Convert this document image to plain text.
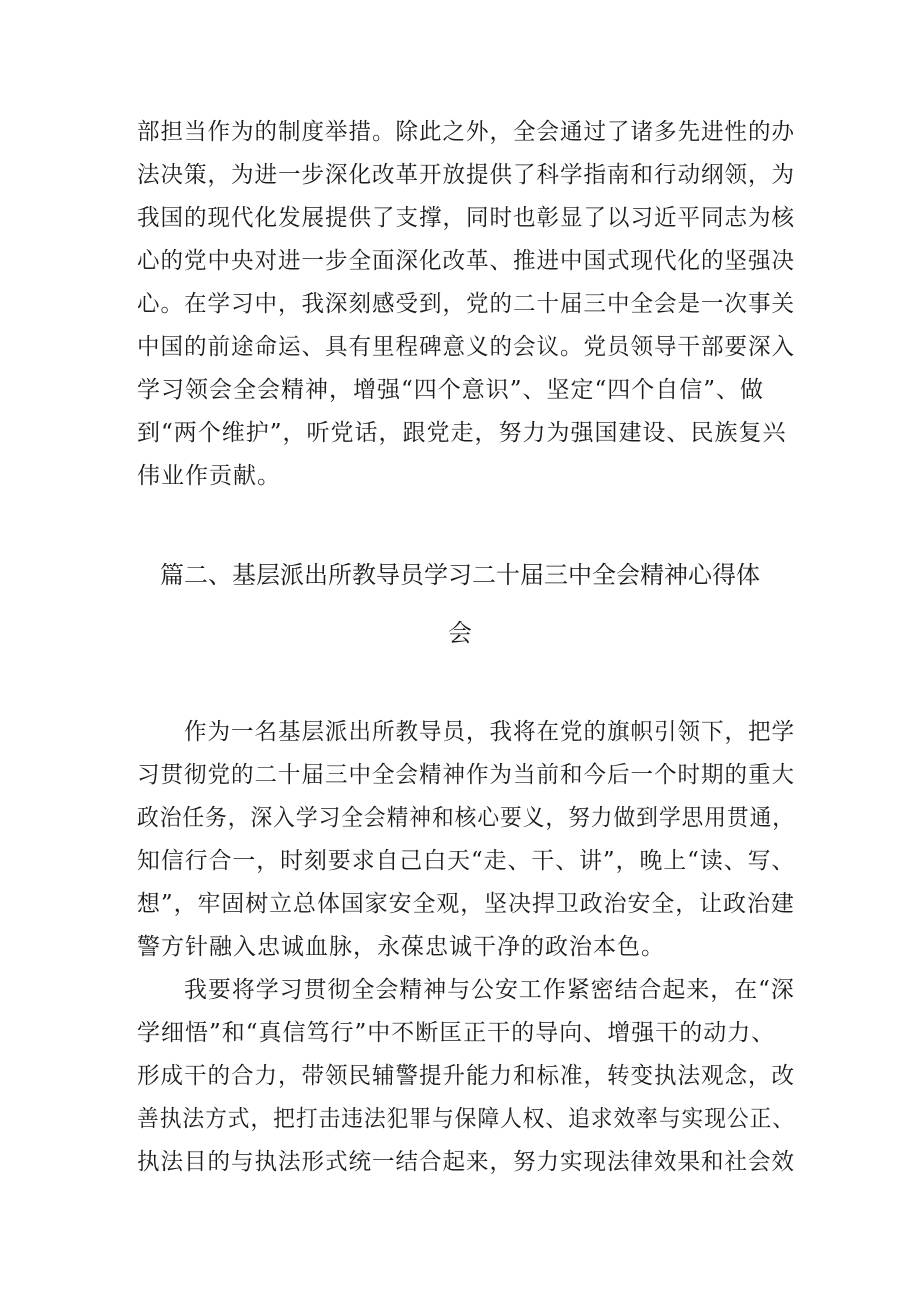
部担当作为的制度举措。除此之外，全会通过了诸多先进性的办

法决策，为进一步深化改革开放提供了科学指南和行动纲领，为

我国的现代化发展提供了支撑，同时也彰显了以习近平同志为核

心的党中央对进一步全面深化改革、推进中国式现代化的坚强决

心。在学习中，我深刻感受到，党的二十届三中全会是一次事关

中国的前途命运、具有里程碑意义的会议。党员领导干部要深入

学习领会全会精神，增强“四个意识”、坚定“四个自信”、做

到“两个维护”，听党话，跟党走，努力为强国建设、民族复兴

伟业作贡献。

篇二、基层派出所教导员学习二十届三中全会精神心得体

会

作为一名基层派出所教导员，我将在党的旗帜引领下，把学

习贯彻党的二十届三中全会精神作为当前和今后一个时期的重大

政治任务，深入学习全会精神和核心要义，努力做到学思用贯通，

知信行合一，时刻要求自己白天“走、干、讲”，晚上“读、写、

想”，牢固树立总体国家安全观，坚决捍卫政治安全，让政治建

警方针融入忠诚血脉，永葆忠诚干净的政治本色。

我要将学习贯彻全会精神与公安工作紧密结合起来，在“深

学细悟”和“真信笃行”中不断匡正干的导向、增强干的动力、

形成干的合力，带领民辅警提升能力和标准，转变执法观念，改

善执法方式，把打击违法犯罪与保障人权、追求效率与实现公正、

执法目的与执法形式统一结合起来，努力实现法律效果和社会效
